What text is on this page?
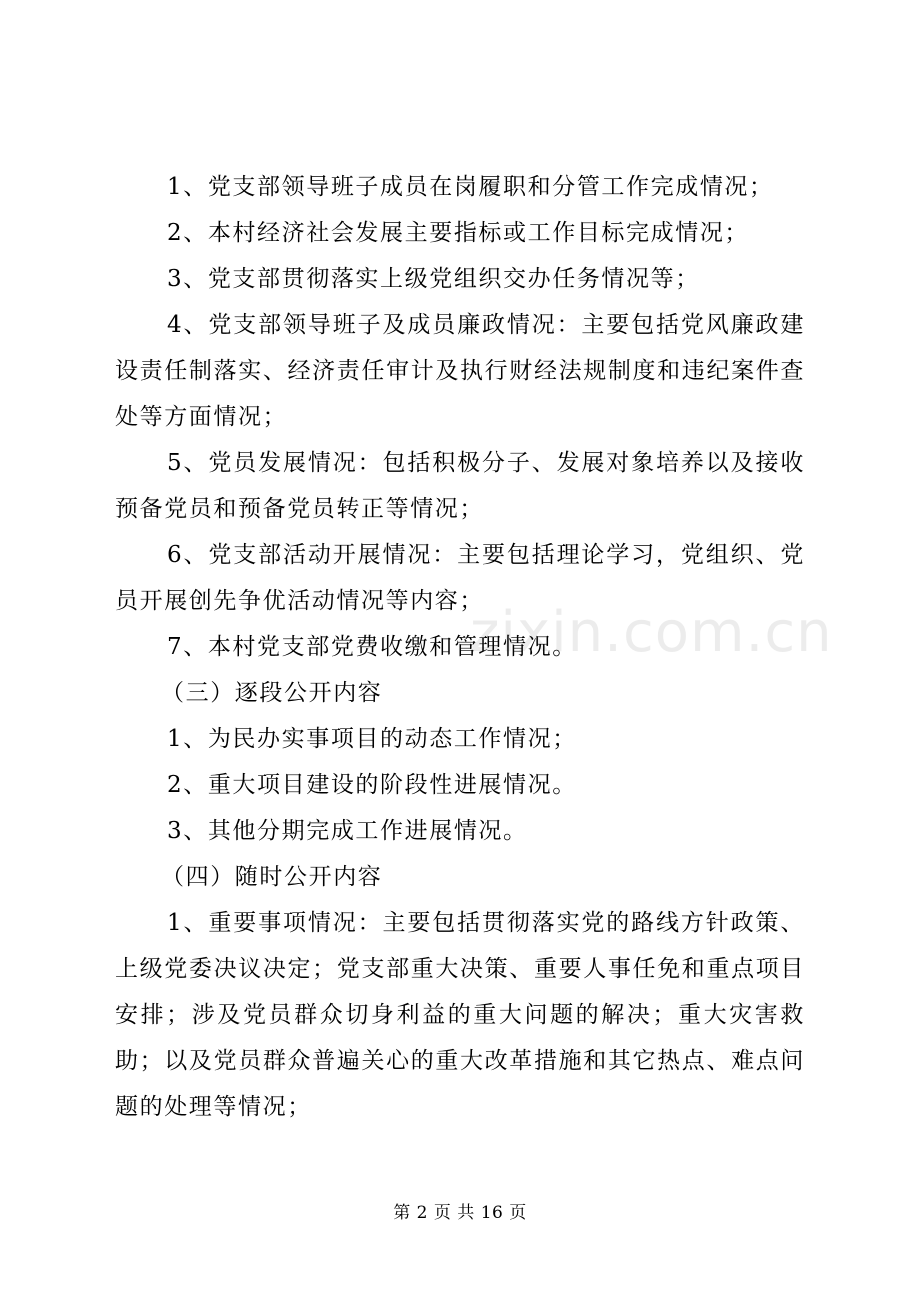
1、党支部领导班子成员在岗履职和分管工作完成情况；

2、本村经济社会发展主要指标或工作目标完成情况；

3、党支部贯彻落实上级党组织交办任务情况等；

4、党支部领导班子及成员廉政情况：主要包括党风廉政建设责任制落实、经济责任审计及执行财经法规制度和违纪案件查处等方面情况；

5、党员发展情况：包括积极分子、发展对象培养以及接收预备党员和预备党员转正等情况；

6、党支部活动开展情况：主要包括理论学习，党组织、党员开展创先争优活动情况等内容；

7、本村党支部党费收缴和管理情况。

（三）逐段公开内容

1、为民办实事项目的动态工作情况；

2、重大项目建设的阶段性进展情况。

3、其他分期完成工作进展情况。

（四）随时公开内容

1、重要事项情况：主要包括贯彻落实党的路线方针政策、上级党委决议决定；党支部重大决策、重要人事任免和重点项目安排；涉及党员群众切身利益的重大问题的解决；重大灾害救助；以及党员群众普遍关心的重大改革措施和其它热点、难点问题的处理等情况；

zixin.com.cn
第 2 页 共 16 页
